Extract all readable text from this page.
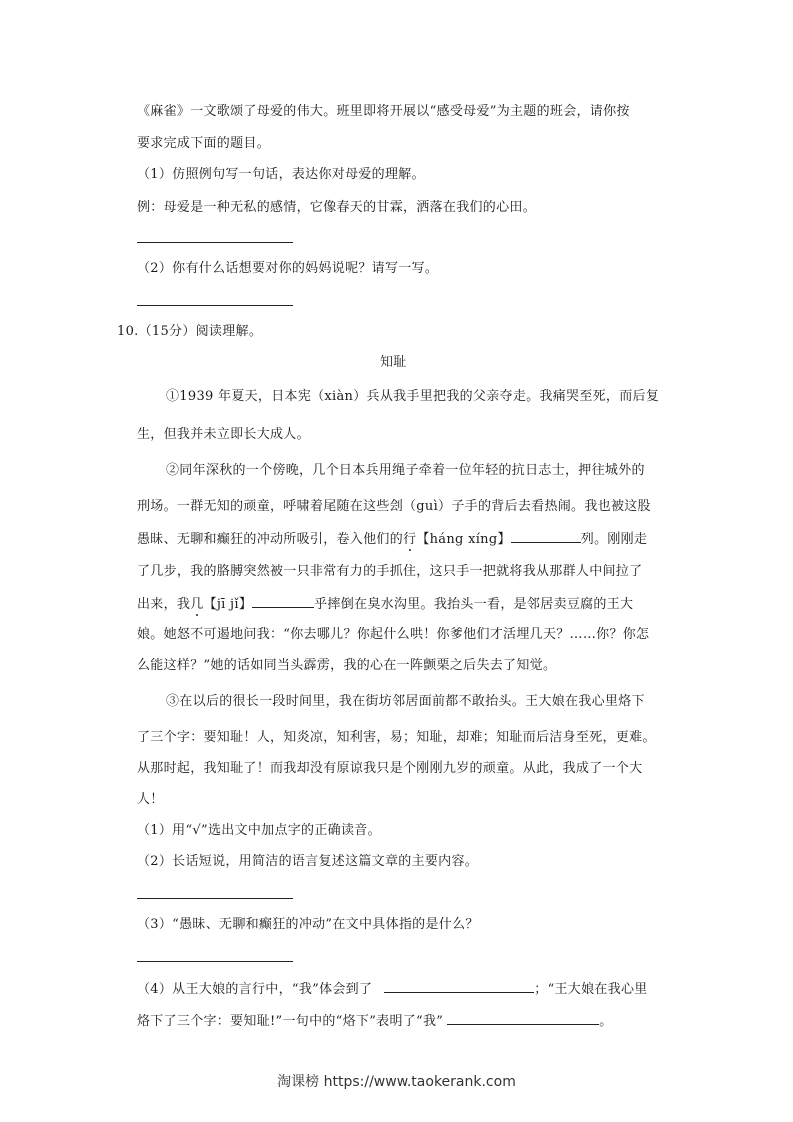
《麻雀》一文歌颂了母爱的伟大。班里即将开展以“感受母爱”为主题的班会，请你按
要求完成下面的题目。
（1）仿照例句写一句话，表达你对母爱的理解。
例：母爱是一种无私的感情，它像春天的甘霖，洒落在我们的心田。
（2）你有什么话想要对你的妈妈说呢？请写一写。
10.（15分）阅读理解。
知耻
①1939 年夏天，日本宪（xiàn）兵从我手里把我的父亲夺走。我痛哭至死，而后复
生，但我并未立即长大成人。
②同年深秋的一个傍晚，几个日本兵用绳子牵着一位年轻的抗日志士，押往城外的
刑场。一群无知的顽童，呼啸着尾随在这些刽（guì）子手的背后去看热闹。我也被这股
愚昧、无聊和癫狂的冲动所吸引，卷入他们的行【háng xíng】	列。刚刚走
了几步，我的胳膊突然被一只非常有力的手抓住，这只手一把就将我从那群人中间拉了
出来，我几【jī jǐ】	乎摔倒在臭水沟里。我抬头一看，是邻居卖豆腐的王大
娘。她怒不可遏地问我：“你去哪儿？你起什么哄！你爹他们才活埋几天？……你？你怎
么能这样？”她的话如同当头霹雳，我的心在一阵颤栗之后失去了知觉。
③在以后的很长一段时间里，我在街坊邻居面前都不敢抬头。王大娘在我心里烙下
了三个字：要知耻！人，知炎凉，知利害，易；知耻，却难；知耻而后洁身至死，更难。
从那时起，我知耻了！而我却没有原谅我只是个刚刚九岁的顽童。从此，我成了一个大
人！
（1）用“√”选出文中加点字的正确读音。
（2）长话短说，用简洁的语言复述这篇文章的主要内容。
（3）“愚昧、无聊和癫狂的冲动”在文中具体指的是什么？
（4）从王大娘的言行中，“我”体会到了	；“王大娘在我心里
烙下了三个字：要知耻!”一句中的“烙下”表明了“我”	。
淘课榜 https://www.taokerank.com
